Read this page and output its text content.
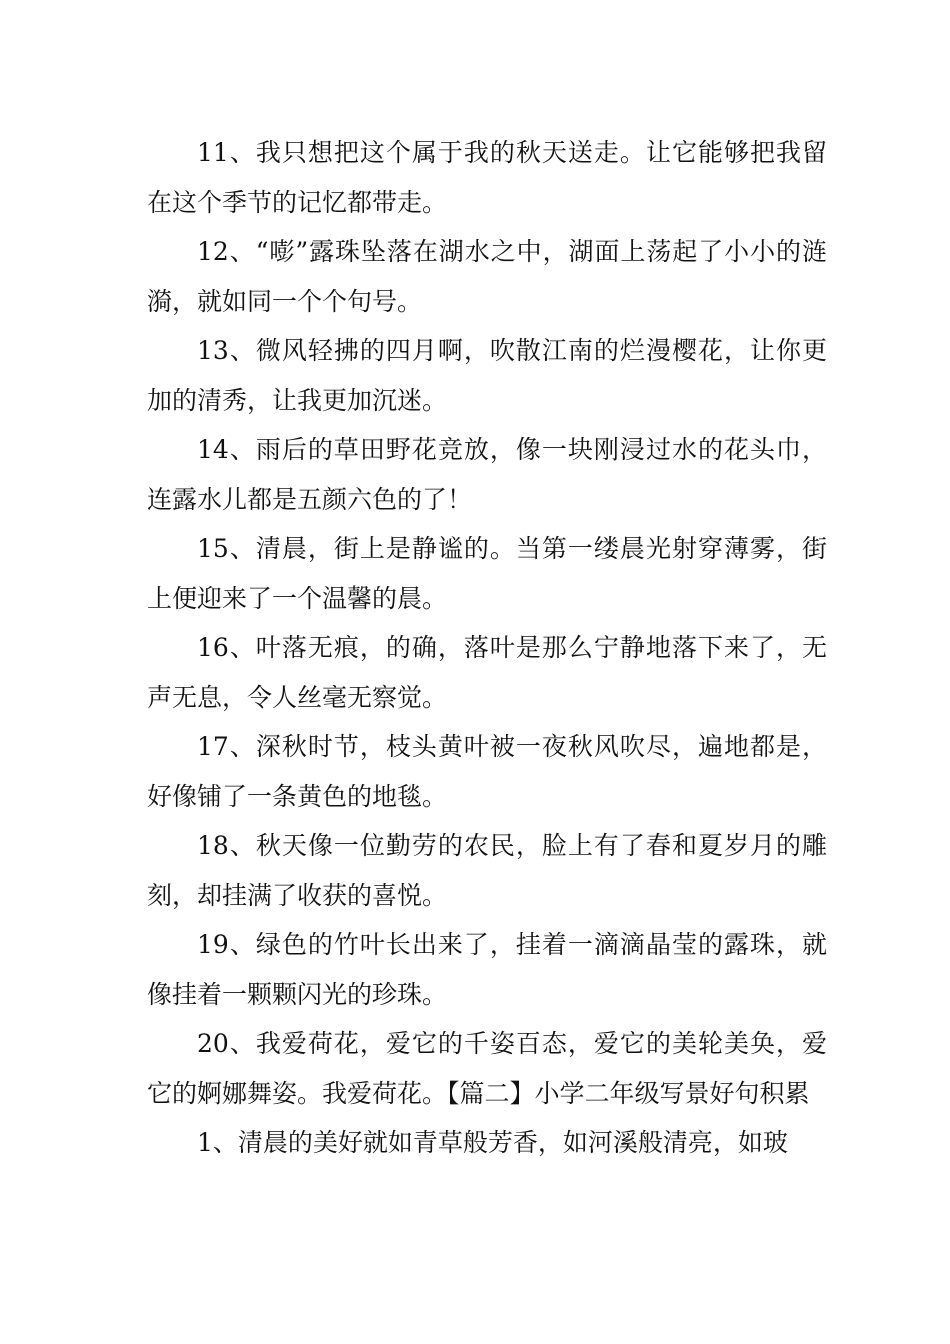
11、我只想把这个属于我的秋天送走。让它能够把我留在这个季节的记忆都带走。

12、“嘭”露珠坠落在湖水之中，湖面上荡起了小小的涟漪，就如同一个个句号。

13、微风轻拂的四月啊，吹散江南的烂漫樱花，让你更加的清秀，让我更加沉迷。

14、雨后的草田野花竞放，像一块刚浸过水的花头巾，连露水儿都是五颜六色的了！

15、清晨，街上是静谧的。当第一缕晨光射穿薄雾，街上便迎来了一个温馨的晨。

16、叶落无痕，的确，落叶是那么宁静地落下来了，无声无息，令人丝毫无察觉。

17、深秋时节，枝头黄叶被一夜秋风吹尽，遍地都是，好像铺了一条黄色的地毯。

18、秋天像一位勤劳的农民，脸上有了春和夏岁月的雕刻，却挂满了收获的喜悦。

19、绿色的竹叶长出来了，挂着一滴滴晶莹的露珠，就像挂着一颗颗闪光的珍珠。

20、我爱荷花，爱它的千姿百态，爱它的美轮美奂，爱它的婀娜舞姿。我爱荷花。【篇二】小学二年级写景好句积累

1、清晨的美好就如青草般芳香，如河溪般清亮，如玻
